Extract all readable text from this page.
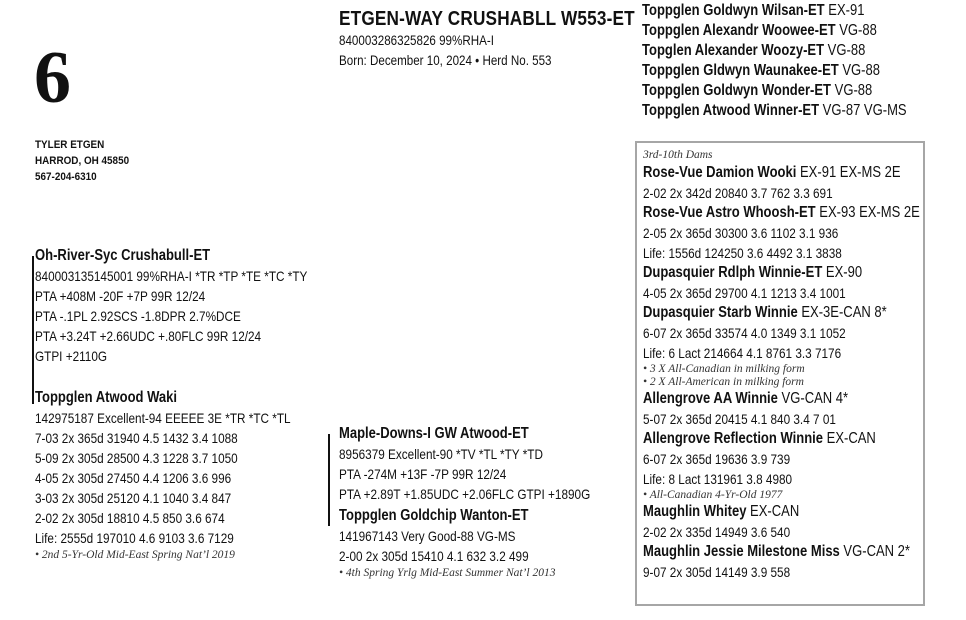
6
ETGEN-WAY CRUSHABLL W553-ET
840003286325826 99%RHA-I
Born: December 10, 2024 • Herd No. 553
TYLER ETGEN
HARROD, OH 45850
567-204-6310
Toppglen Goldwyn Wilsan-ET EX-91
Toppglen Alexandr Woowee-ET VG-88
Topglen Alexander Woozy-ET VG-88
Toppglen Gldwyn Waunakee-ET VG-88
Toppglen Goldwyn Wonder-ET VG-88
Toppglen Atwood Winner-ET VG-87 VG-MS
Oh-River-Syc Crushabull-ET
840003135145001 99%RHA-I *TR *TP *TE *TC *TY
PTA +408M -20F +7P 99R 12/24
PTA -.1PL 2.92SCS -1.8DPR 2.7%DCE
PTA +3.24T +2.66UDC +.80FLC 99R 12/24
GTPI +2110G
Toppglen Atwood Waki
142975187 Excellent-94 EEEEE 3E *TR *TC *TL
7-03 2x 365d 31940 4.5 1432 3.4 1088
5-09 2x 305d 28500 4.3 1228 3.7 1050
4-05 2x 305d 27450 4.4 1206 3.6 996
3-03 2x 305d 25120 4.1 1040 3.4 847
2-02 2x 305d 18810 4.5 850 3.6 674
Life: 2555d 197010 4.6 9103 3.6 7129
• 2nd 5-Yr-Old Mid-East Spring Nat’l 2019
Maple-Downs-I GW Atwood-ET
8956379 Excellent-90 *TV *TL *TY *TD
PTA -274M +13F -7P 99R 12/24
PTA +2.89T +1.85UDC +2.06FLC GTPI +1890G
Toppglen Goldchip Wanton-ET
141967143 Very Good-88 VG-MS
2-00 2x 305d 15410 4.1 632 3.2 499
• 4th Spring Yrlg Mid-East Summer Nat’l 2013
3rd-10th Dams
Rose-Vue Damion Wooki EX-91 EX-MS 2E
2-02 2x 342d 20840 3.7 762 3.3 691
Rose-Vue Astro Whoosh-ET EX-93 EX-MS 2E
2-05 2x 365d 30300 3.6 1102 3.1 936
Life: 1556d 124250 3.6 4492 3.1 3838
Dupasquier Rdlph Winnie-ET EX-90
4-05 2x 365d 29700 4.1 1213 3.4 1001
Dupasquier Starb Winnie EX-3E-CAN 8*
6-07 2x 365d 33574 4.0 1349 3.1 1052
Life: 6 Lact 214664 4.1 8761 3.3 7176
• 3 X All-Canadian in milking form
• 2 X All-American in milking form
Allengrove AA Winnie VG-CAN 4*
5-07 2x 365d 20415 4.1 840 3.4 7 01
Allengrove Reflection Winnie EX-CAN
6-07 2x 365d 19636 3.9 739
Life: 8 Lact 131961 3.8 4980
• All-Canadian 4-Yr-Old 1977
Maughlin Whitey EX-CAN
2-02 2x 335d 14949 3.6 540
Maughlin Jessie Milestone Miss VG-CAN 2*
9-07 2x 305d 14149 3.9 558
